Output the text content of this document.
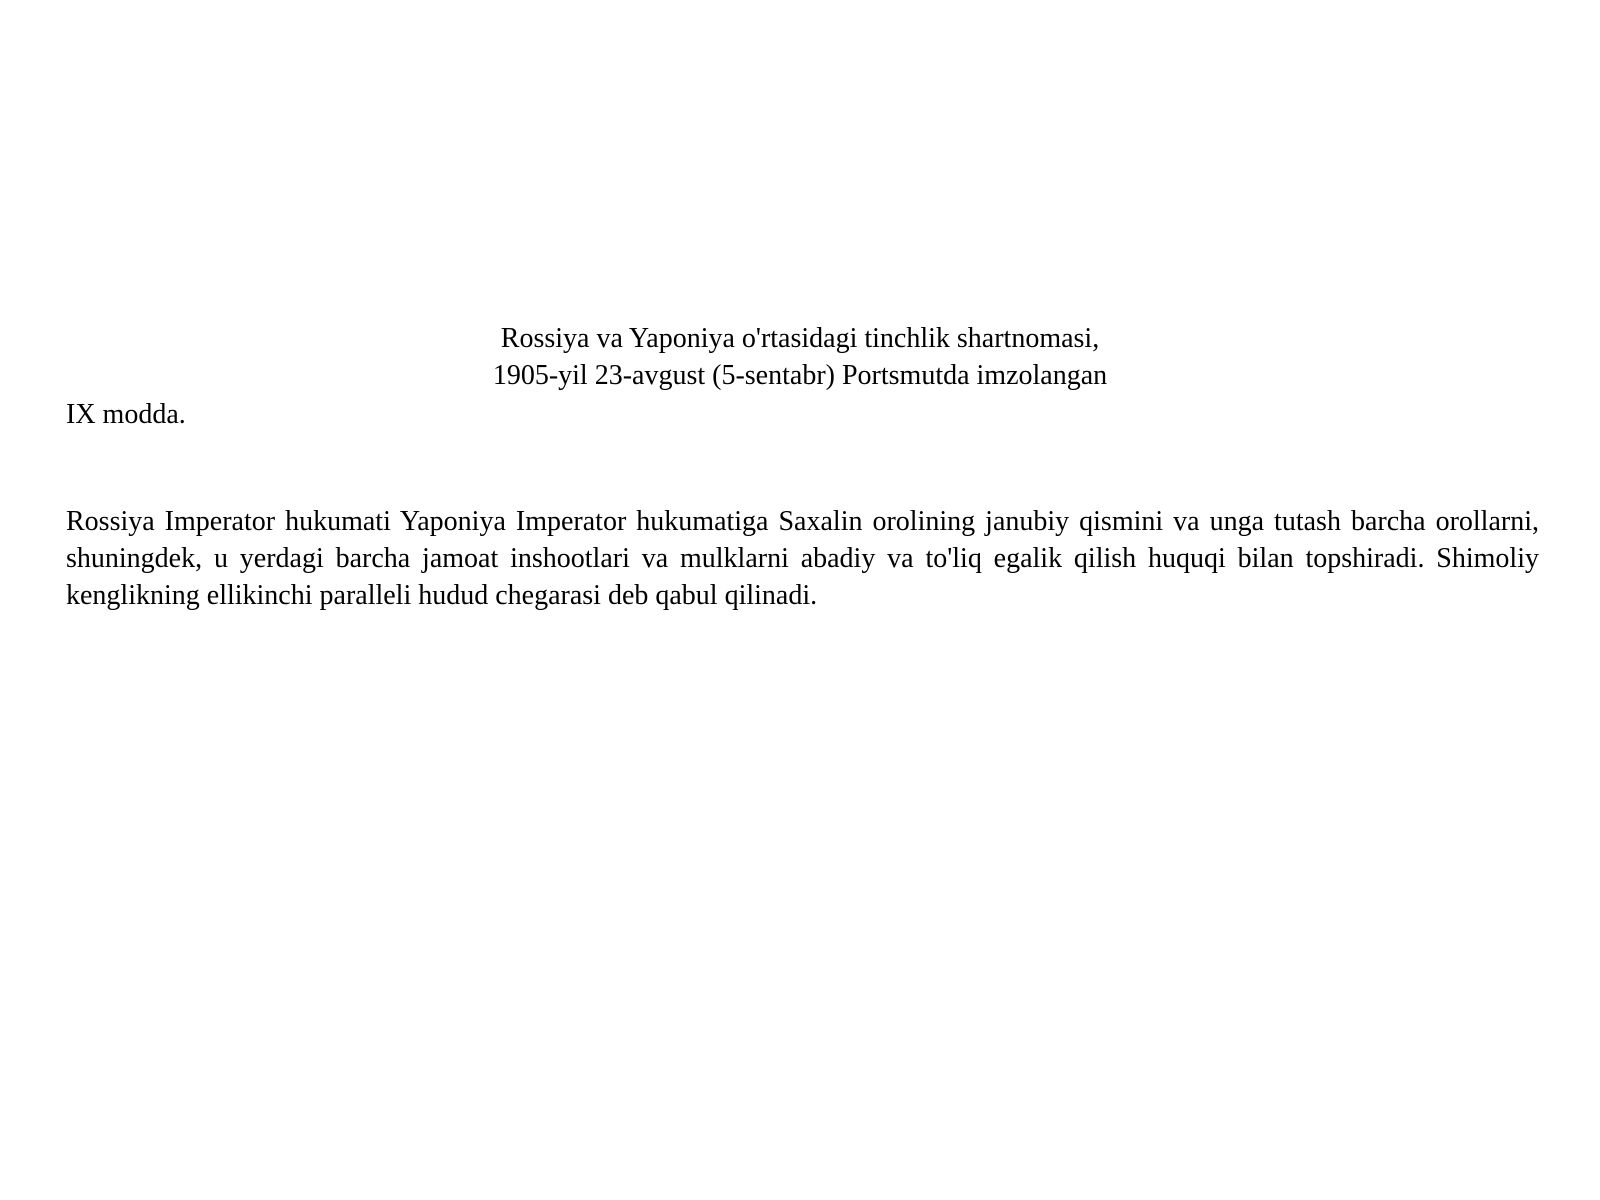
Rossiya va Yaponiya o'rtasidagi tinchlik shartnomasi,
1905-yil 23-avgust (5-sentabr) Portsmutda imzolangan
IX modda.

Rossiya Imperator hukumati Yaponiya Imperator hukumatiga Saxalin orolining janubiy qismini va unga tutash barcha orollarni, shuningdek, u yerdagi barcha jamoat inshootlari va mulklarni abadiy va to'liq egalik qilish huquqi bilan topshiradi. Shimoliy kenglikning ellikinchi paralleli hudud chegarasi deb qabul qilinadi.
